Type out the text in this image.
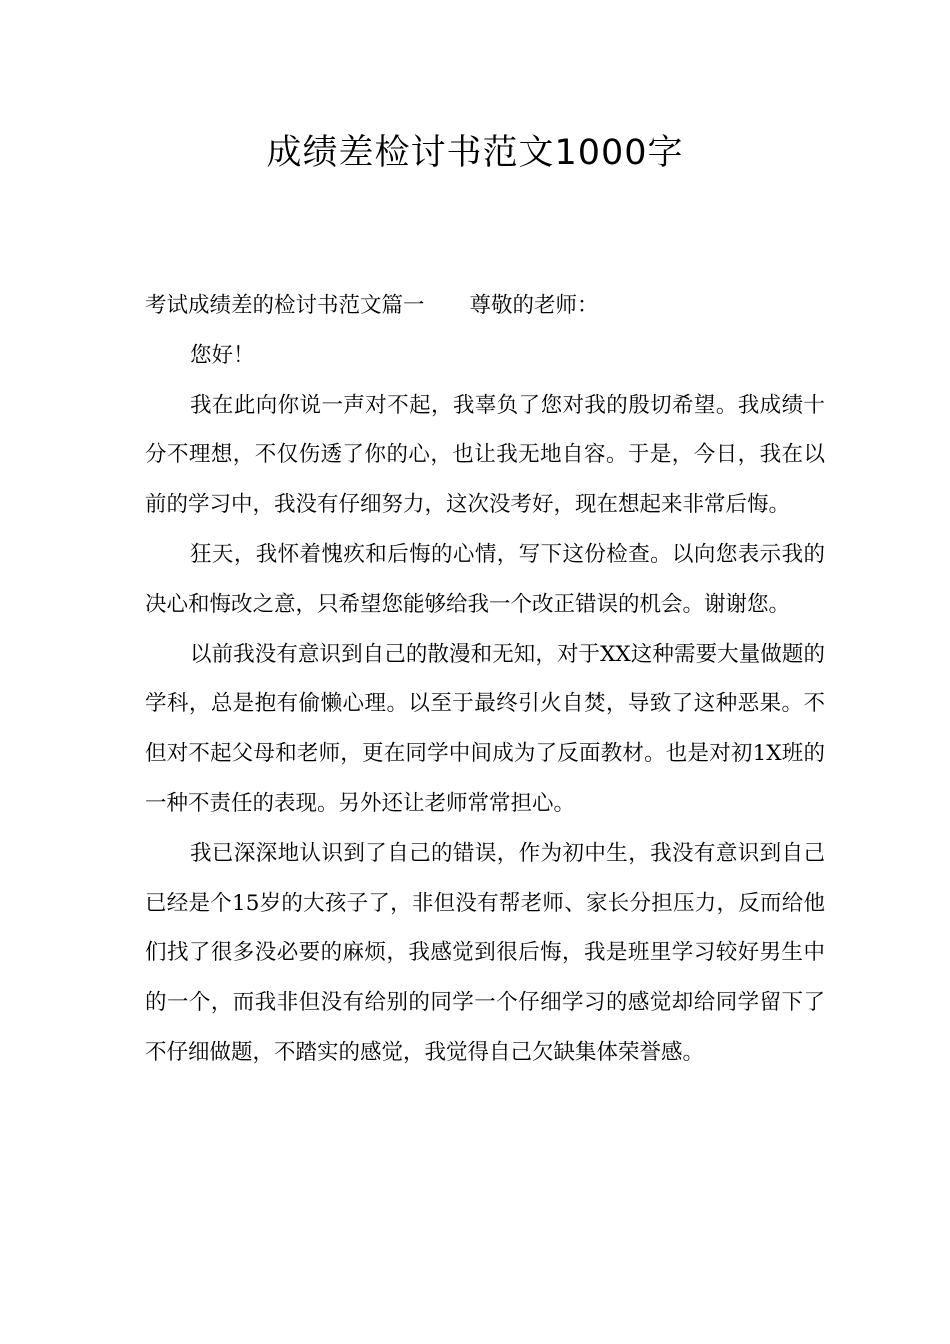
成绩差检讨书范文1000字

考试成绩差的检讨书范文篇一 尊敬的老师：

您好！

我在此向你说一声对不起，我辜负了您对我的殷切希望。我成绩十分不理想，不仅伤透了你的心，也让我无地自容。于是，今日，我在以前的学习中，我没有仔细努力，这次没考好，现在想起来非常后悔。

狂天，我怀着愧疚和后悔的心情，写下这份检查。以向您表示我的决心和悔改之意，只希望您能够给我一个改正错误的机会。谢谢您。

以前我没有意识到自己的散漫和无知，对于XX这种需要大量做题的学科，总是抱有偷懒心理。以至于最终引火自焚，导致了这种恶果。不但对不起父母和老师，更在同学中间成为了反面教材。也是对初1X班的一种不责任的表现。另外还让老师常常担心。

我已深深地认识到了自己的错误，作为初中生，我没有意识到自己已经是个15岁的大孩子了，非但没有帮老师、家长分担压力，反而给他们找了很多没必要的麻烦，我感觉到很后悔，我是班里学习较好男生中的一个，而我非但没有给别的同学一个仔细学习的感觉却给同学留下了不仔细做题，不踏实的感觉，我觉得自己欠缺集体荣誉感。
